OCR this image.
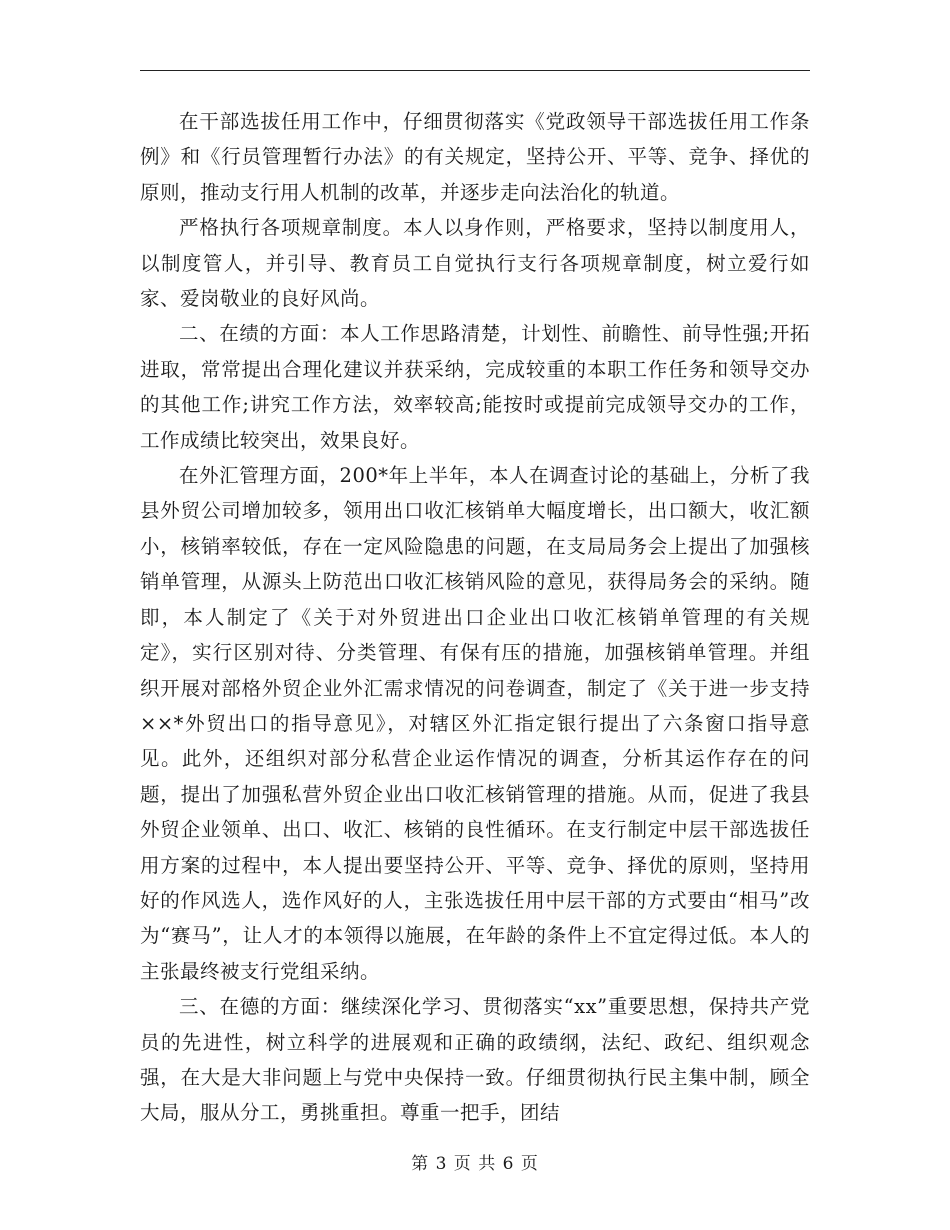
在干部选拔任用工作中，仔细贯彻落实《党政领导干部选拔任用工作条例》和《行员管理暂行办法》的有关规定，坚持公开、平等、竞争、择优的原则，推动支行用人机制的改革，并逐步走向法治化的轨道。

严格执行各项规章制度。本人以身作则，严格要求，坚持以制度用人，以制度管人，并引导、教育员工自觉执行支行各项规章制度，树立爱行如家、爱岗敬业的良好风尚。

二、在绩的方面：本人工作思路清楚，计划性、前瞻性、前导性强;开拓进取，常常提出合理化建议并获采纳，完成较重的本职工作任务和领导交办的其他工作;讲究工作方法，效率较高;能按时或提前完成领导交办的工作，工作成绩比较突出，效果良好。

在外汇管理方面，200*年上半年，本人在调查讨论的基础上，分析了我县外贸公司增加较多，领用出口收汇核销单大幅度增长，出口额大，收汇额小，核销率较低，存在一定风险隐患的问题，在支局局务会上提出了加强核销单管理，从源头上防范出口收汇核销风险的意见，获得局务会的采纳。随即，本人制定了《关于对外贸进出口企业出口收汇核销单管理的有关规定》，实行区别对待、分类管理、有保有压的措施，加强核销单管理。并组织开展对部格外贸企业外汇需求情况的问卷调查，制定了《关于进一步支持××*外贸出口的指导意见》，对辖区外汇指定银行提出了六条窗口指导意见。此外，还组织对部分私营企业运作情况的调查，分析其运作存在的问题，提出了加强私营外贸企业出口收汇核销管理的措施。从而，促进了我县外贸企业领单、出口、收汇、核销的良性循环。在支行制定中层干部选拔任用方案的过程中，本人提出要坚持公开、平等、竞争、择优的原则，坚持用好的作风选人，选作风好的人，主张选拔任用中层干部的方式要由“相马”改为“赛马”，让人才的本领得以施展，在年龄的条件上不宜定得过低。本人的主张最终被支行党组采纳。

三、在德的方面：继续深化学习、贯彻落实“xx”重要思想，保持共产党员的先进性，树立科学的进展观和正确的政绩纲，法纪、政纪、组织观念强，在大是大非问题上与党中央保持一致。仔细贯彻执行民主集中制，顾全大局，服从分工，勇挑重担。尊重一把手，团结

第 3 页 共 6 页
